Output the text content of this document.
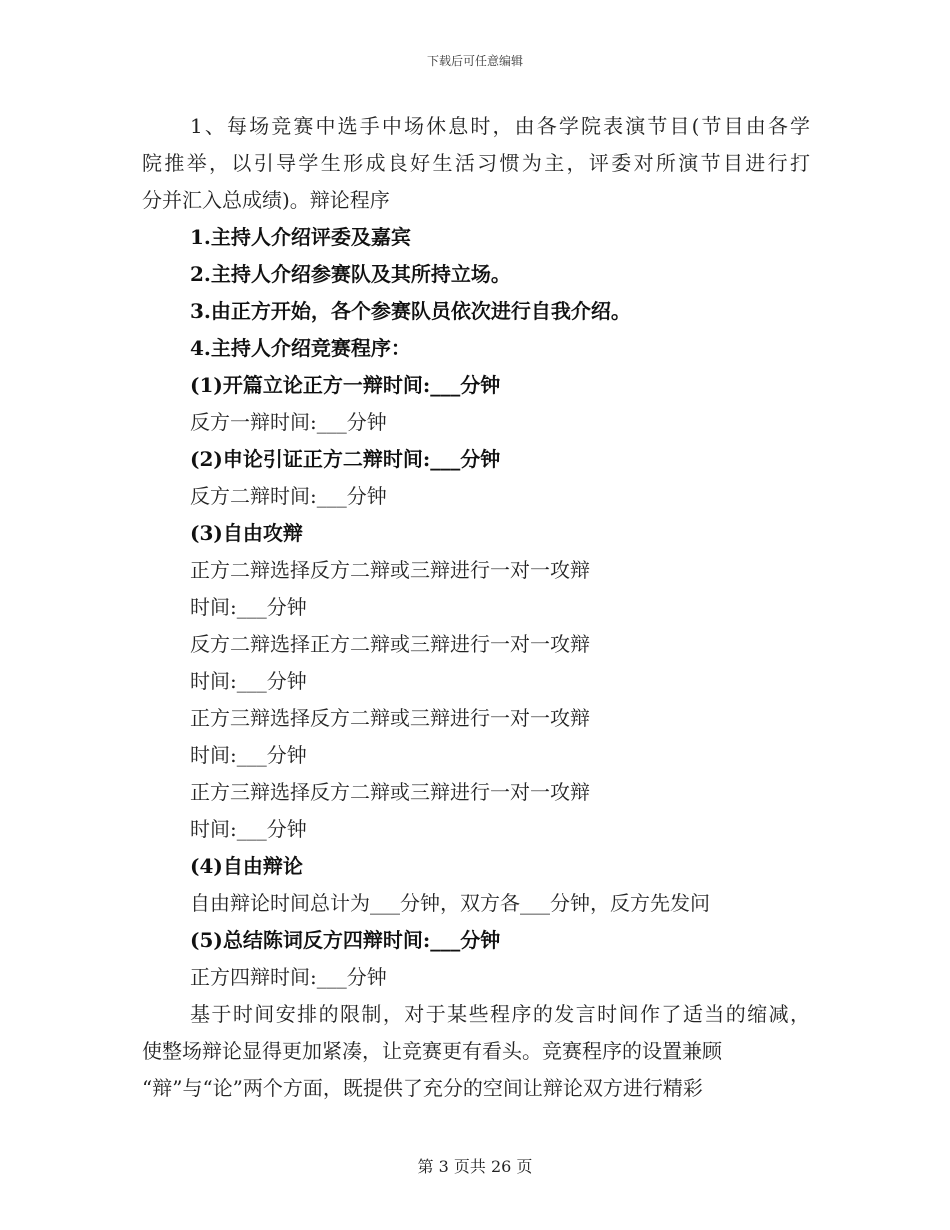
下载后可任意编辑
1、每场竞赛中选手中场休息时，由各学院表演节目(节目由各学
院推举，以引导学生形成良好生活习惯为主，评委对所演节目进行打
分并汇入总成绩)。辩论程序
1.主持人介绍评委及嘉宾
2.主持人介绍参赛队及其所持立场。
3.由正方开始，各个参赛队员依次进行自我介绍。
4.主持人介绍竞赛程序：
(1)开篇立论正方一辩时间:___分钟
反方一辩时间:___分钟
(2)申论引证正方二辩时间:___分钟
反方二辩时间:___分钟
(3)自由攻辩
正方二辩选择反方二辩或三辩进行一对一攻辩
时间:___分钟
反方二辩选择正方二辩或三辩进行一对一攻辩
时间:___分钟
正方三辩选择反方二辩或三辩进行一对一攻辩
时间:___分钟
正方三辩选择反方二辩或三辩进行一对一攻辩
时间:___分钟
(4)自由辩论
自由辩论时间总计为___分钟，双方各___分钟，反方先发问
(5)总结陈词反方四辩时间:___分钟
正方四辩时间:___分钟
基于时间安排的限制，对于某些程序的发言时间作了适当的缩减，
使整场辩论显得更加紧凑，让竞赛更有看头。竞赛程序的设置兼顾
“辩”与“论”两个方面，既提供了充分的空间让辩论双方进行精彩
第 3 页共 26 页
